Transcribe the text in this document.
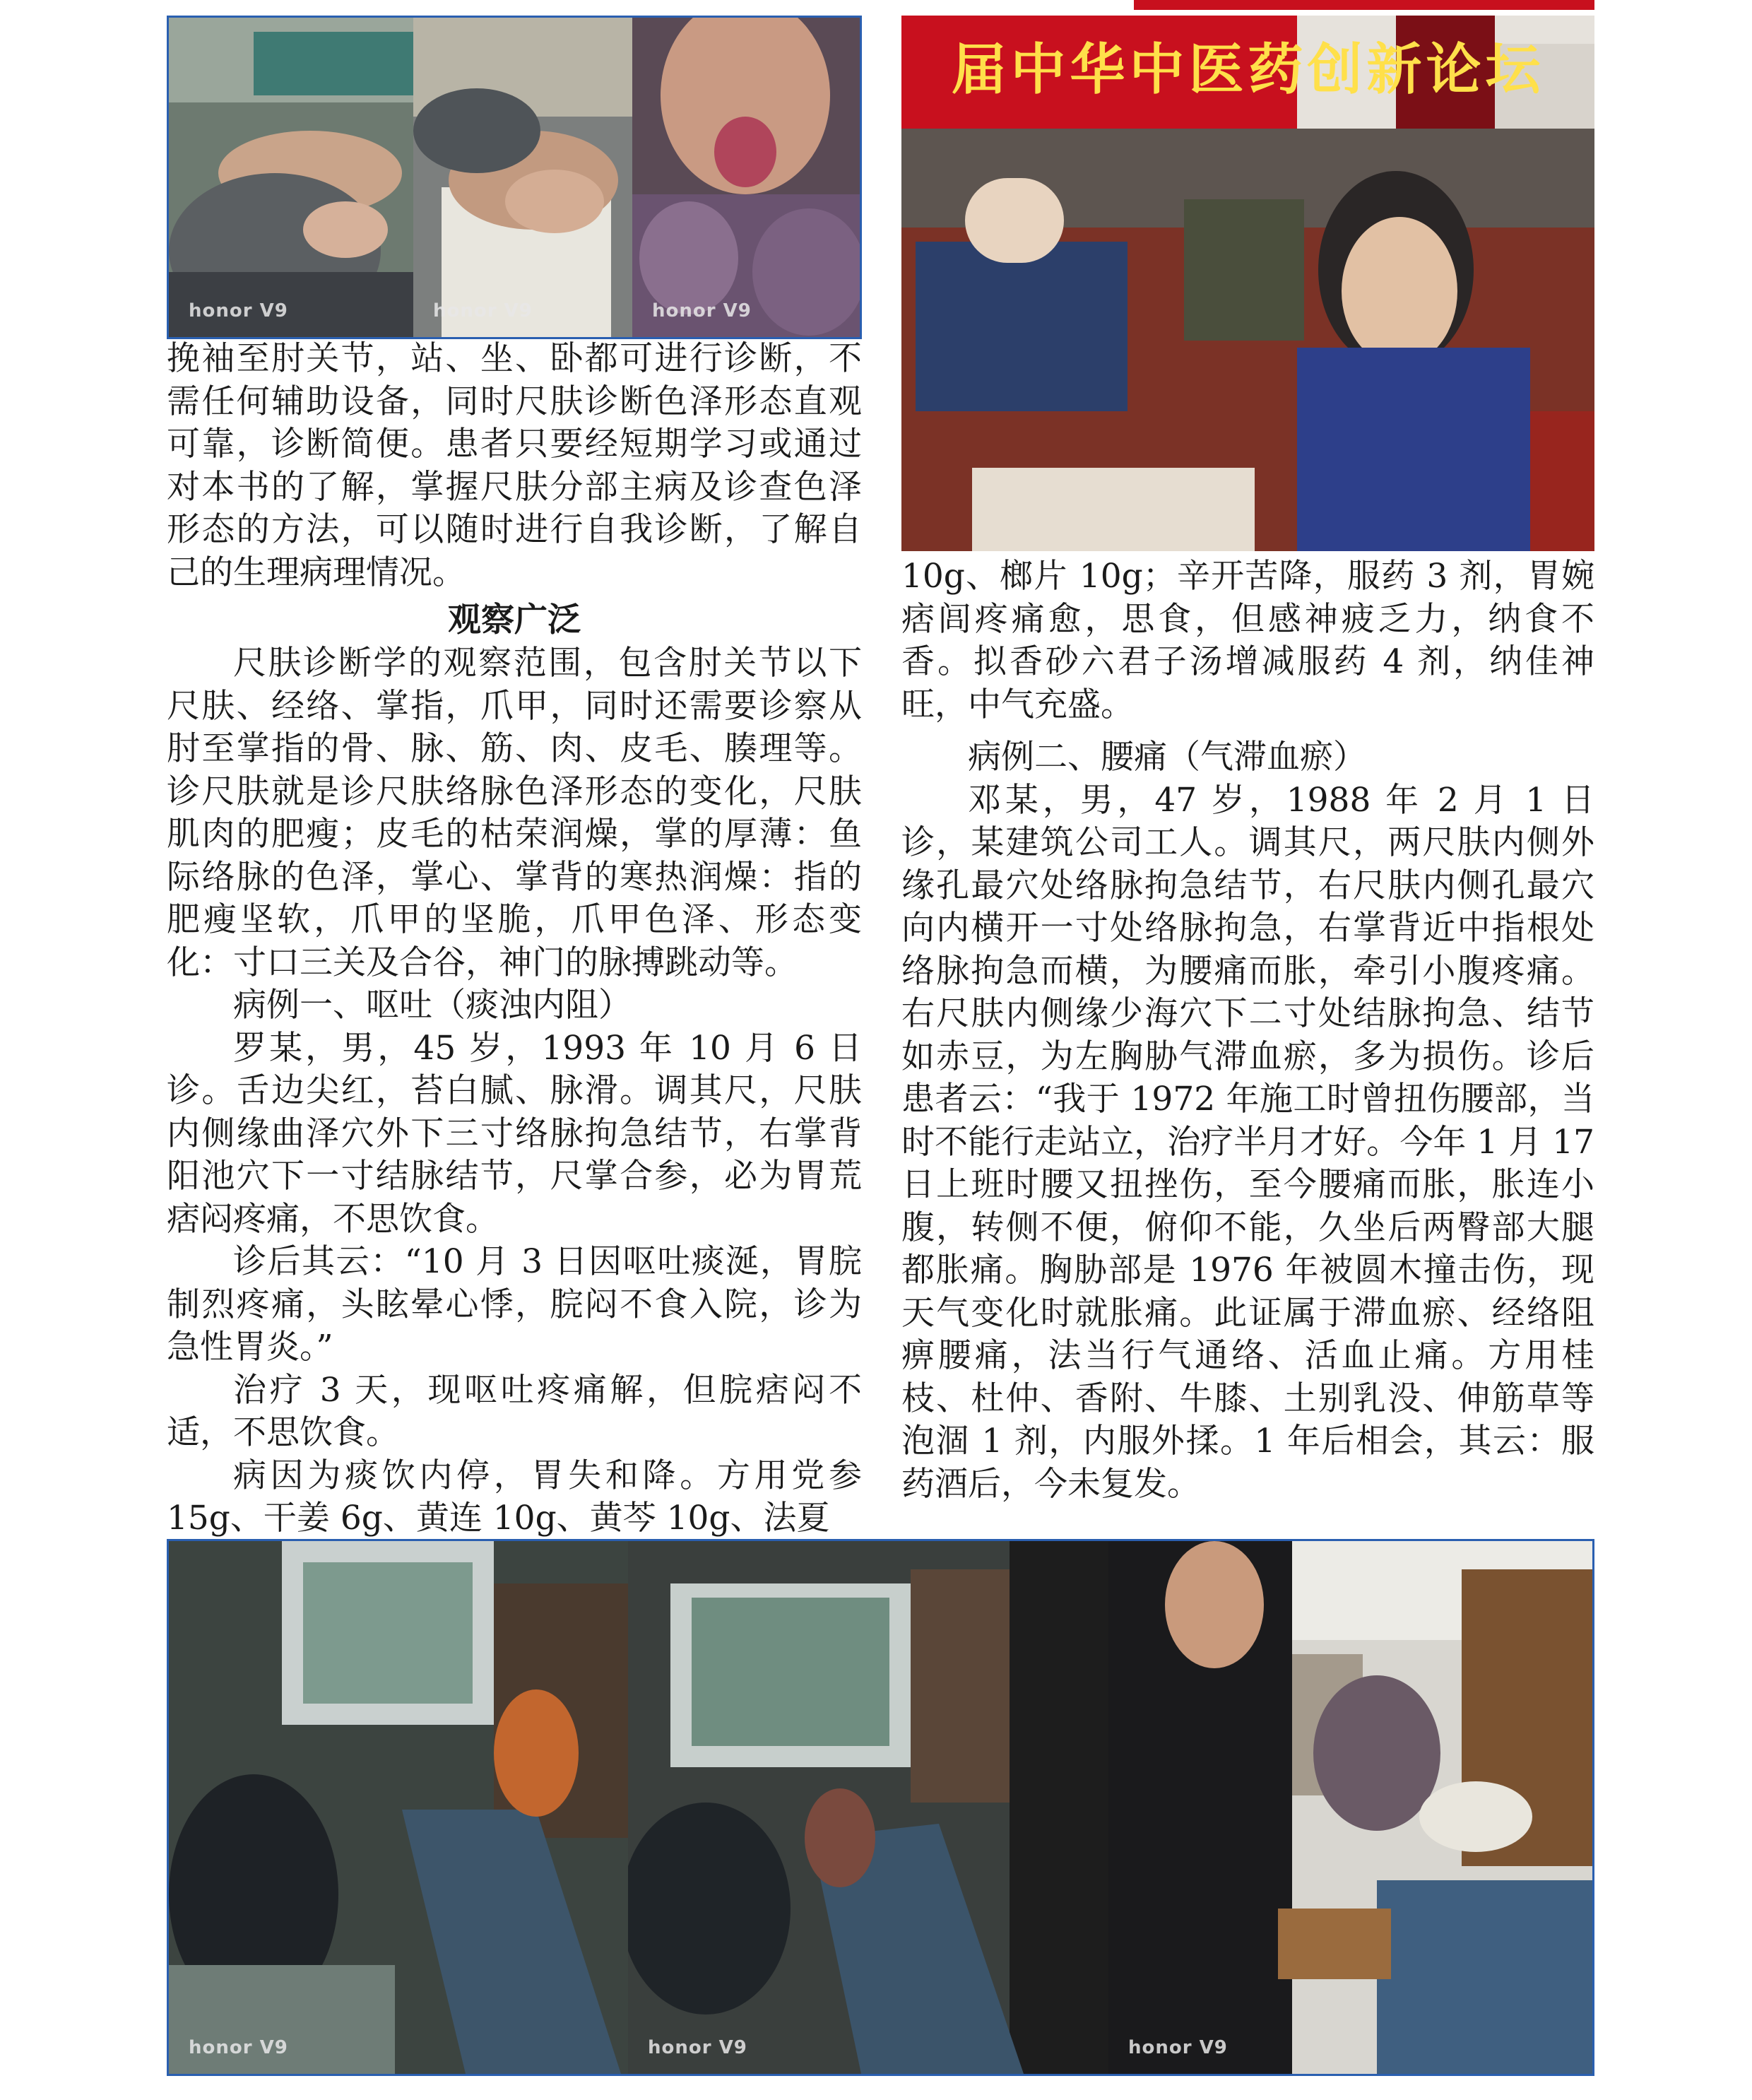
honor V9	honor V9	honor V9
届中华中医药创新论坛

挽袖至肘关节，站、坐、卧都可进行诊断，不需任何辅助设备，同时尺肤诊断色泽形态直观可靠，诊断简便。患者只要经短期学习或通过对本书的了解，掌握尺肤分部主病及诊查色泽形态的方法，可以随时进行自我诊断，了解自己的生理病理情况。

观察广泛

尺肤诊断学的观察范围，包含肘关节以下尺肤、经络、掌指，爪甲，同时还需要诊察从肘至掌指的骨、脉、筋、肉、皮毛、腠理等。诊尺肤就是诊尺肤络脉色泽形态的变化，尺肤肌肉的肥瘦；皮毛的枯荣润燥，掌的厚薄：鱼际络脉的色泽，掌心、掌背的寒热润燥：指的肥瘦坚软，爪甲的坚脆，爪甲色泽、形态变化：寸口三关及合谷，神门的脉搏跳动等。

病例一、呕吐（痰浊内阻）

罗某，男，45 岁，1993 年 10 月 6 日诊。舌边尖红，苔白腻、脉滑。调其尺，尺肤内侧缘曲泽穴外下三寸络脉拘急结节，右掌背阳池穴下一寸结脉结节，尺掌合参，必为胃荒痞闷疼痛，不思饮食。

诊后其云：“10 月 3 日因呕吐痰涎，胃脘制烈疼痛，头眩晕心悸，脘闷不食入院，诊为急性胃炎。”

治疗 3 天，现呕吐疼痛解，但脘痞闷不适，不思饮食。

病因为痰饮内停，胃失和降。方用党参 15g、干姜 6g、黄连 10g、黄芩 10g、法夏

10g、榔片 10g；辛开苦降，服药 3 剂，胃婉痞闾疼痛愈，思食，但感神疲乏力，纳食不香。拟香砂六君子汤增减服药 4 剂，纳佳神旺，中气充盛。

病例二、腰痛（气滞血瘀）

邓某，男，47 岁，1988 年 2 月 1 日诊，某建筑公司工人。调其尺，两尺肤内侧外缘孔最穴处络脉拘急结节，右尺肤内侧孔最穴向内横开一寸处络脉拘急，右掌背近中指根处络脉拘急而横，为腰痛而胀，牵引小腹疼痛。右尺肤内侧缘少海穴下二寸处结脉拘急、结节如赤豆，为左胸胁气滞血瘀，多为损伤。诊后患者云：“我于 1972 年施工时曾扭伤腰部，当时不能行走站立，治疗半月才好。今年 1 月 17 日上班时腰又扭挫伤，至今腰痛而胀，胀连小腹，转侧不便，俯仰不能，久坐后两臀部大腿都胀痛。胸胁部是 1976 年被圆木撞击伤，现天气变化时就胀痛。此证属于滞血瘀、经络阻痹腰痛，法当行气通络、活血止痛。方用桂枝、杜仲、香附、牛膝、土别乳没、伸筋草等泡涸 1 剂，内服外揉。1 年后相会，其云：服药酒后，今未复发。

honor V9	honor V9	honor V9
